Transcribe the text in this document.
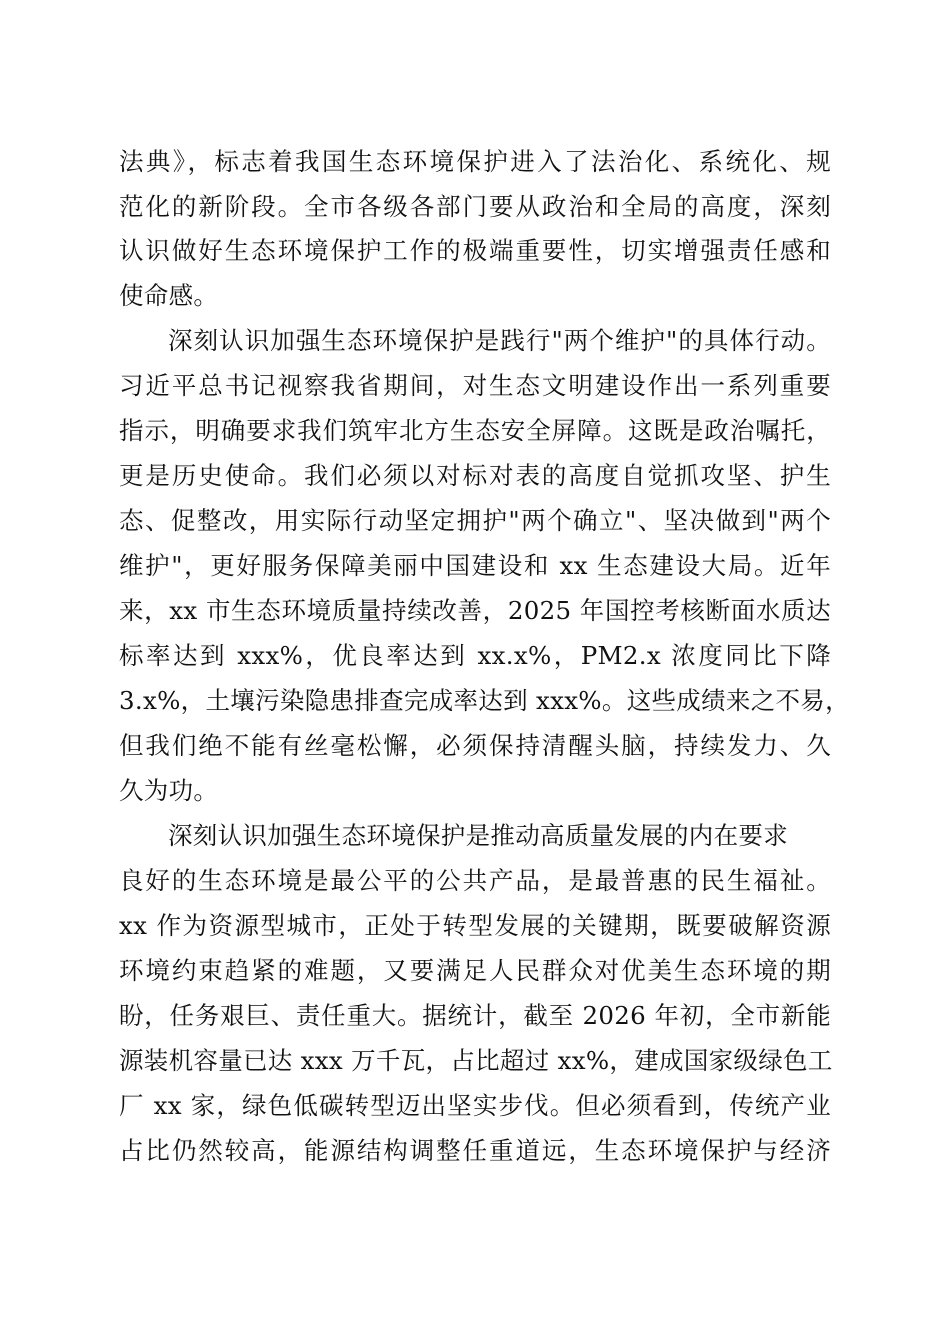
法典》，标志着我国生态环境保护进入了法治化、系统化、规
范化的新阶段。全市各级各部门要从政治和全局的高度，深刻
认识做好生态环境保护工作的极端重要性，切实增强责任感和
使命感。
深刻认识加强生态环境保护是践行"两个维护"的具体行动。
习近平总书记视察我省期间，对生态文明建设作出一系列重要
指示，明确要求我们筑牢北方生态安全屏障。这既是政治嘱托，
更是历史使命。我们必须以对标对表的高度自觉抓攻坚、护生
态、促整改，用实际行动坚定拥护"两个确立"、坚决做到"两个
维护"，更好服务保障美丽中国建设和 xx 生态建设大局。近年
来，xx 市生态环境质量持续改善，2025 年国控考核断面水质达
标率达到 xxx%，优良率达到 xx.x%，PM2.x 浓度同比下降
3.x%，土壤污染隐患排查完成率达到 xxx%。这些成绩来之不易，
但我们绝不能有丝毫松懈，必须保持清醒头脑，持续发力、久
久为功。
深刻认识加强生态环境保护是推动高质量发展的内在要求
良好的生态环境是最公平的公共产品，是最普惠的民生福祉。
xx 作为资源型城市，正处于转型发展的关键期，既要破解资源
环境约束趋紧的难题，又要满足人民群众对优美生态环境的期
盼，任务艰巨、责任重大。据统计，截至 2026 年初，全市新能
源装机容量已达 xxx 万千瓦，占比超过 xx%，建成国家级绿色工
厂 xx 家，绿色低碳转型迈出坚实步伐。但必须看到，传统产业
占比仍然较高，能源结构调整任重道远，生态环境保护与经济
